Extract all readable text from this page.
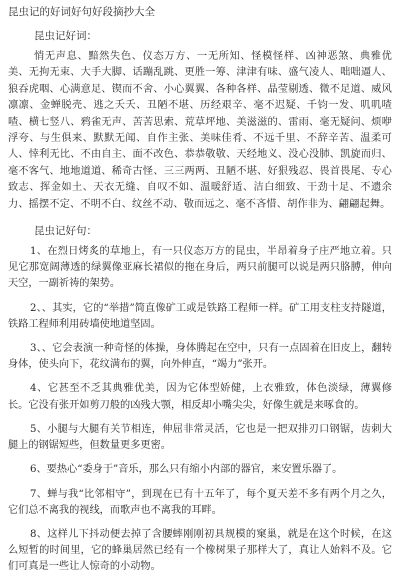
昆虫记的好词好句好段摘抄大全
昆虫记好词：
悄无声息、黯然失色、仪态万方、一无所知、怪模怪样、凶神恶煞、典雅优美、无拘无束、大手大脚、话蹦乱跳、更胜一筹、津津有味、盛气凌人、咄咄逼人、狼吞虎咽、心满意足、锲而不舍、小心翼翼、各种各样、晶莹剔透、微不足道、威风凛凛、金蝉脱壳、逃之夭夭、丑陋不堪、历经艰辛、毫不迟疑、千钧一发、叽叽喳喳、横七竖八、鸦雀无声、苦苦思索、荒草坪地、美滋滋的、雷雨、毫无疑问、烦咿浮夸、与生俱来、默默无闻、自作主张、美味佳肴、不远千里、不辞辛苦、温柔可人、悻利无比、不由自主、面不改色、恭恭敬敬、天经地义、没心没肺、凯旋而归、毫不客气、地地道道、稀奇古怪、三三两两、丑陋不堪、好狠残忍、畏首畏尾、专心致志、挥金如土、天衣无缝、自叹不如、温暖舒适、洁白细致、干劲十足、不遗余力、摇摆不定、不明不白、纹丝不动、敬而远之、毫不吝惜、胡作非为、翩翩起舞。
昆虫记好句：

1、在烈日烤炙的草地上，有一只仪态万方的昆虫，半昂着身子庄严地立着。只见它那宽阔薄透的绿翼像亚麻长裙似的拖在身后，两只前腿可以说是两只胳膊，伸向天空，一副祈祷的架势。

2、、其实，它的“举措”简直像矿工或是铁路工程师一样。矿工用支柱支持隧道，铁路工程师利用砖墙使地道坚固。

3、、它会表演一种奇怪的体操，身体腾起在空中，只有一点固着在旧皮上，翻转身体，使头向下，花纹满布的翼，向外伸直，“竭力”张开。

4、它甚至不乏其典雅优美，因为它体型娇健，上衣雅致，体色淡绿，薄翼修长。它没有张开如剪刀般的凶残大颚，相反却小嘴尖尖，好像生就是来啄食的。

5、小腿与大腿有关节相连，伸屈非常灵活，它也是一把双排刃口钢锯，齿刺大腿上的钢锯短些，但数量更多更密。

6、要热心“委身于”音乐，那么只有缩小内部的器官，来安置乐器了。

7、蝉与我“比邻相守”，到现在已有十五年了，每个夏天差不多有两个月之久，它们总不离我的视线，而歌声也不离我的耳畔。

8、这样儿下抖动便去掉了含腰蟀刚刚初具规模的窠巢，就是在这个时候，在这么短暂的时间里，它的蜂巢居然已经有一个橡树果子那样大了，真让人始料不及。它们可真是一些让人惊奇的小动物。
